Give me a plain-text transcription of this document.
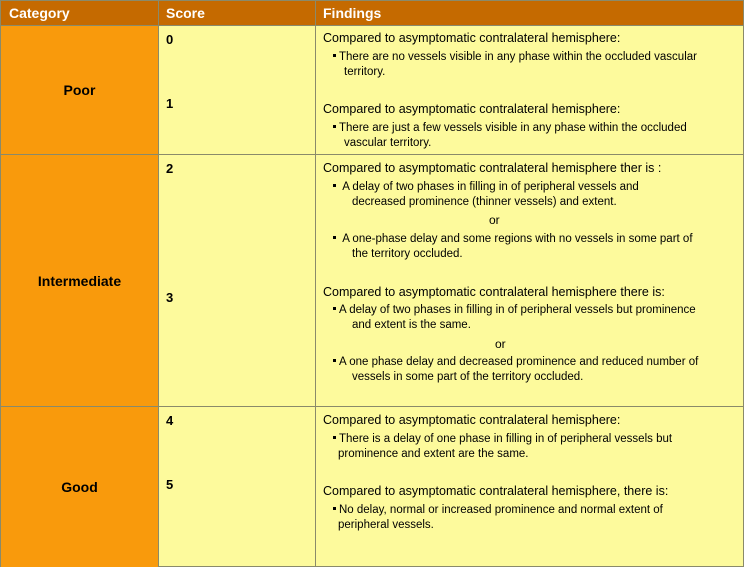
Category	Score	Findings
Poor
Intermediate
Good
0
1
2
3
4
5
Compared to asymptomatic contralateral hemisphere:
There are no vessels visible in any phase within the occluded vascular
territory.
Compared to asymptomatic contralateral hemisphere:
There are just a few vessels visible in any phase within the occluded
vascular territory.
Compared to asymptomatic contralateral hemisphere ther is :
A delay of two phases in filling in of peripheral vessels and
decreased prominence (thinner vessels) and extent.
or
A one-phase delay and some regions with no vessels in some part of
the territory occluded.
Compared to asymptomatic contralateral hemisphere there is:
A delay of two phases in filling in of peripheral vessels but prominence
and extent is the same.
or
A one phase delay and decreased prominence and reduced number of
vessels in some part of the territory occluded.
Compared to asymptomatic contralateral hemisphere:
There is a delay of one phase in filling in of peripheral vessels but
prominence and extent are the same.
Compared to asymptomatic contralateral hemisphere, there is:
No delay, normal or increased prominence and normal extent of
peripheral vessels.
